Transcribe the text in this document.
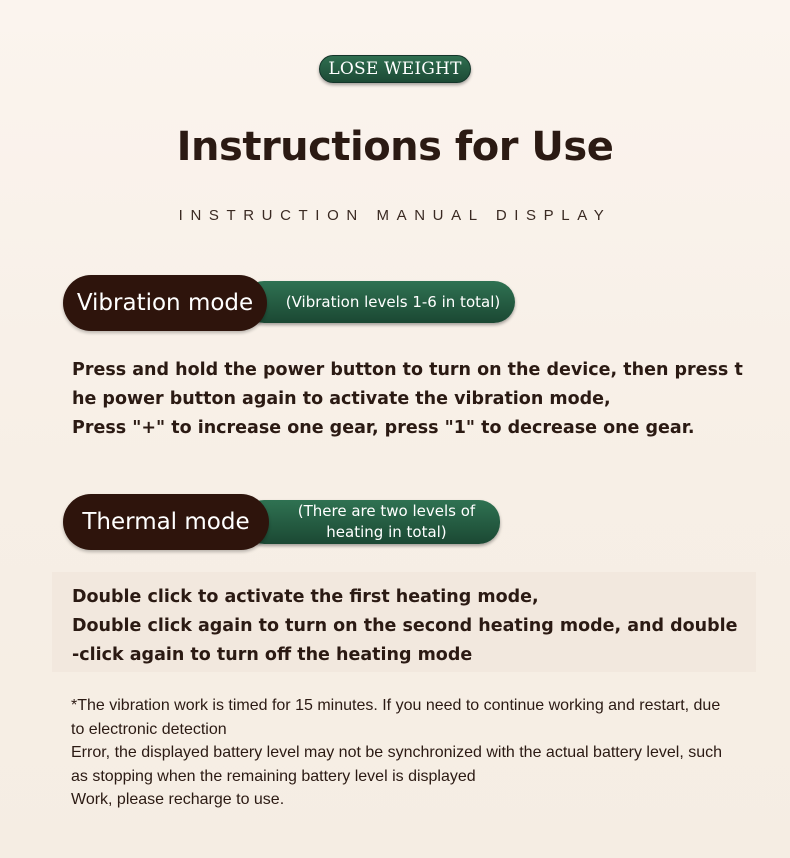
LOSE WEIGHT
Instructions for Use
INSTRUCTION MANUAL DISPLAY
(Vibration levels 1-6 in total)
Vibration mode
Press and hold the power button to turn on the device, then press t
he power button again to activate the vibration mode,
Press "+" to increase one gear, press "1" to decrease one gear.
(There are two levels of
heating in total)
Thermal mode
Double click to activate the first heating mode,
Double click again to turn on the second heating mode, and double
-click again to turn off the heating mode
*The vibration work is timed for 15 minutes. If you need to continue working and restart, due
to electronic detection
Error, the displayed battery level may not be synchronized with the actual battery level, such
as stopping when the remaining battery level is displayed
Work, please recharge to use.
